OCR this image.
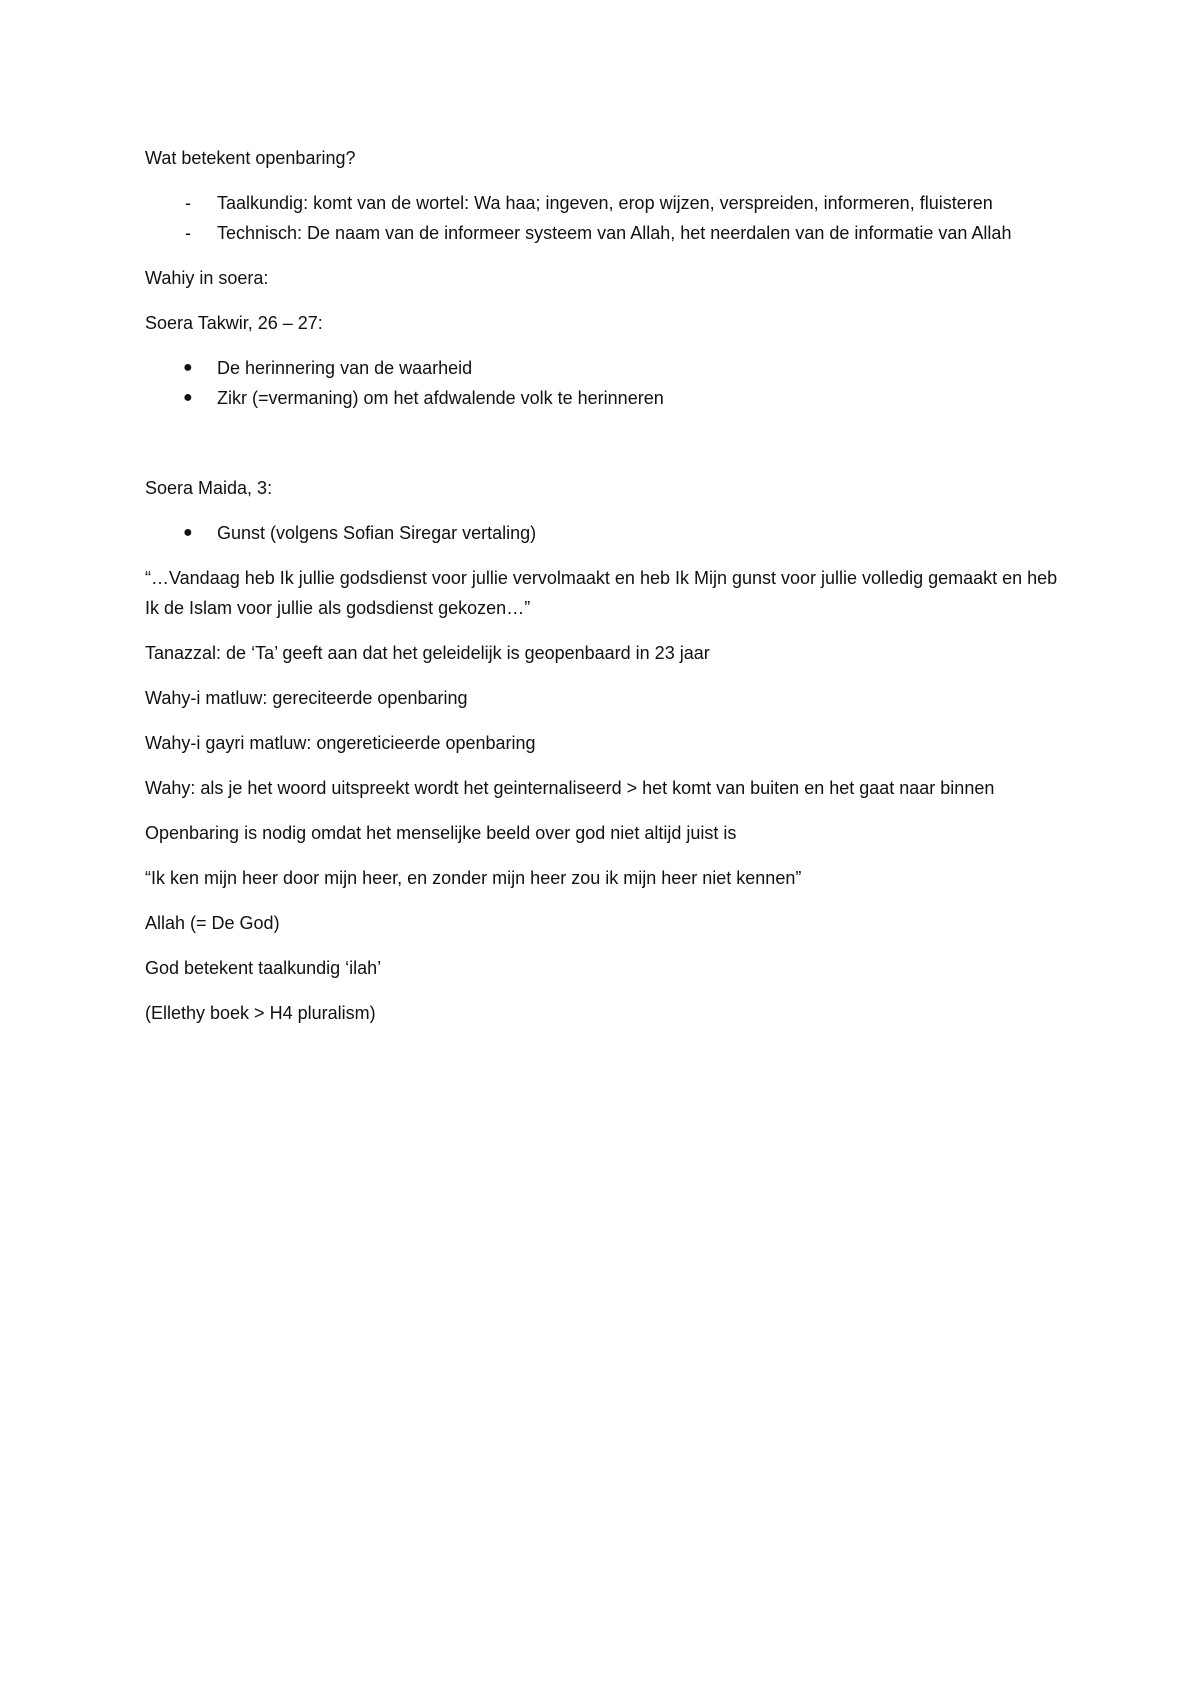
Wat betekent openbaring?

- Taalkundig: komt van de wortel: Wa haa; ingeven, erop wijzen, verspreiden, informeren, fluisteren
- Technisch: De naam van de informeer systeem van Allah, het neerdalen van de informatie van Allah

Wahiy in soera:

Soera Takwir, 26 – 27:

● De herinnering van de waarheid
● Zikr (=vermaning) om het afdwalende volk te herinneren

Soera Maida, 3:

● Gunst (volgens Sofian Siregar vertaling)

“…Vandaag heb Ik jullie godsdienst voor jullie vervolmaakt en heb Ik Mijn gunst voor jullie volledig gemaakt en heb Ik de Islam voor jullie als godsdienst gekozen…”

Tanazzal: de ‘Ta’ geeft aan dat het geleidelijk is geopenbaard in 23 jaar

Wahy-i matluw: gereciteerde openbaring

Wahy-i gayri matluw: ongereticieerde openbaring

Wahy: als je het woord uitspreekt wordt het geinternaliseerd > het komt van buiten en het gaat naar binnen

Openbaring is nodig omdat het menselijke beeld over god niet altijd juist is

“Ik ken mijn heer door mijn heer, en zonder mijn heer zou ik mijn heer niet kennen”

Allah (= De God)

God betekent taalkundig ‘ilah’

(Ellethy boek > H4 pluralism)
